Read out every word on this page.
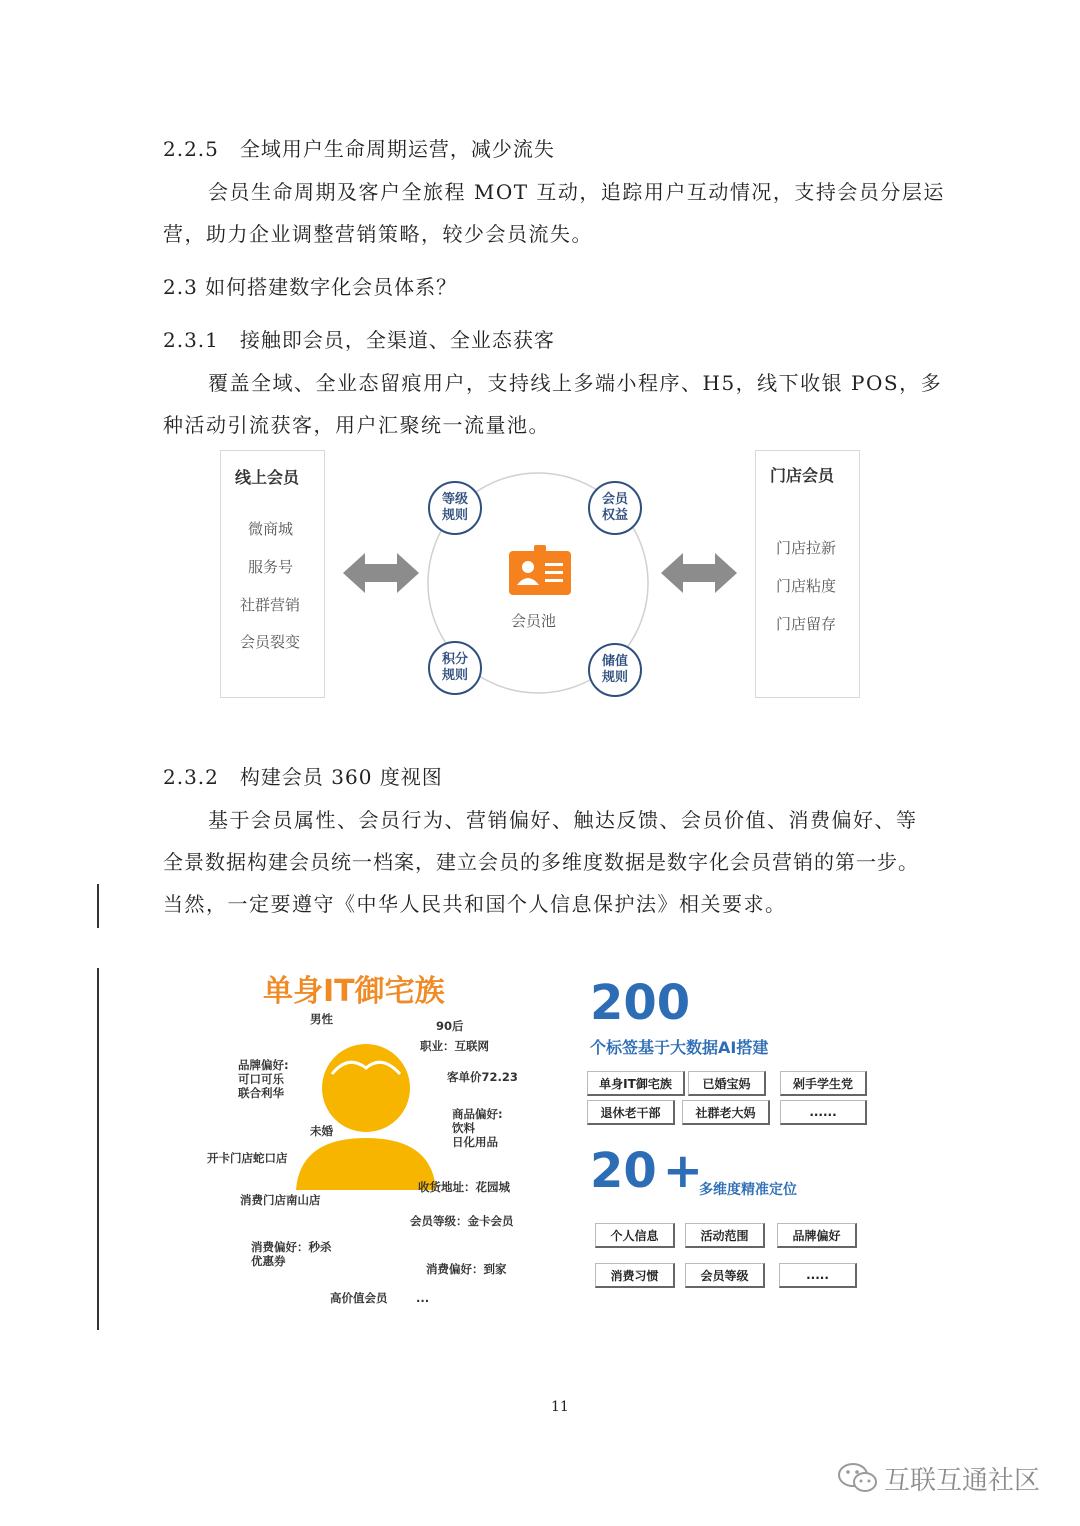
2.2.5　全域用户生命周期运营，减少流失
会员生命周期及客户全旅程 MOT 互动，追踪用户互动情况，支持会员分层运
营，助力企业调整营销策略，较少会员流失。
2.3 如何搭建数字化会员体系？
2.3.1　接触即会员，全渠道、全业态获客
覆盖全域、全业态留痕用户，支持线上多端小程序、H5，线下收银 POS，多
种活动引流获客，用户汇聚统一流量池。
线上会员
微商城
服务号
社群营销
会员裂变
等级
规则
会员
权益
积分
规则
储值
规则
会员池
门店会员
门店拉新
门店粘度
门店留存
2.3.2　构建会员 360 度视图
基于会员属性、会员行为、营销偏好、触达反馈、会员价值、消费偏好、等
全景数据构建会员统一档案，建立会员的多维度数据是数字化会员营销的第一步。
当然，一定要遵守《中华人民共和国个人信息保护法》相关要求。
单身IT御宅族
男性	90后
职业：互联网
品牌偏好:
可口可乐
联合利华
客单价72.23
商品偏好:
饮料
日化用品
未婚
开卡门店蛇口店
收货地址：花园城
消费门店南山店
会员等级：金卡会员
消费偏好：秒杀
优惠券
消费偏好：到家
高价值会员 ...
200
个标签基于大数据AI搭建
单身IT御宅族	已婚宝妈	剁手学生党
退休老干部	社群老大妈	......
20 +
多维度精准定位
个人信息	活动范围	品牌偏好
消费习惯	会员等级	.....
11
互联互通社区
